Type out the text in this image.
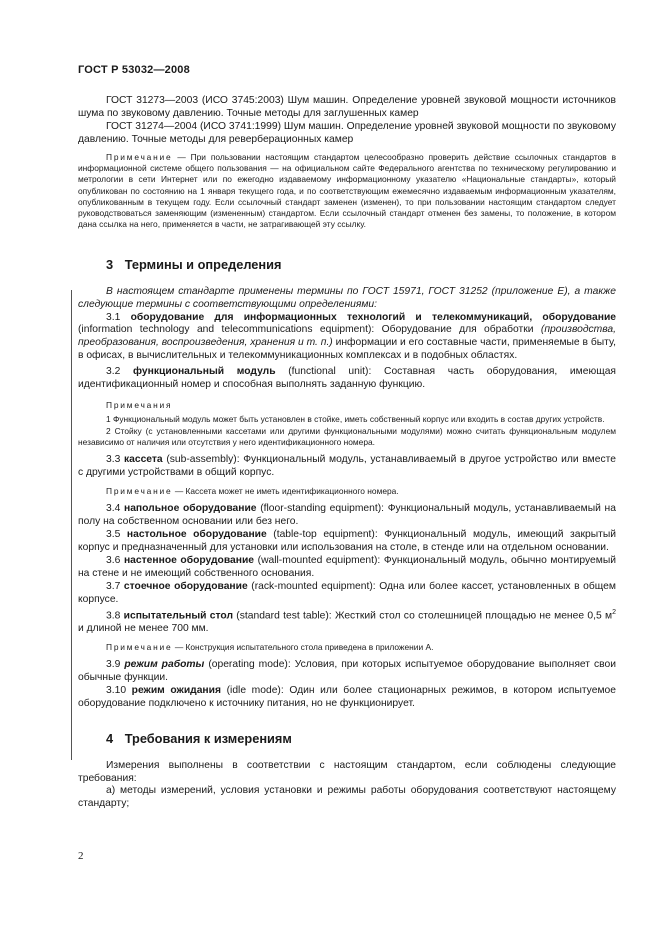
ГОСТ Р 53032—2008

ГОСТ 31273—2003 (ИСО 3745:2003) Шум машин. Определение уровней звуковой мощности источников шума по звуковому давлению. Точные методы для заглушенных камер

ГОСТ 31274—2004 (ИСО 3741:1999) Шум машин. Определение уровней звуковой мощности по звуковому давлению. Точные методы для реверберационных камер

Примечание — При пользовании настоящим стандартом целесообразно проверить действие ссылочных стандартов в информационной системе общего пользования — на официальном сайте Федерального агентства по техническому регулированию и метрологии в сети Интернет или по ежегодно издаваемому информационному указателю «Национальные стандарты», который опубликован по состоянию на 1 января текущего года, и по соответствующим ежемесячно издаваемым информационным указателям, опубликованным в текущем году. Если ссылочный стандарт заменен (изменен), то при пользовании настоящим стандартом следует руководствоваться заменяющим (измененным) стандартом. Если ссылочный стандарт отменен без замены, то положение, в котором дана ссылка на него, применяется в части, не затрагивающей эту ссылку.

3 Термины и определения

В настоящем стандарте применены термины по ГОСТ 15971, ГОСТ 31252 (приложение Е), а также следующие термины с соответствующими определениями:

3.1 оборудование для информационных технологий и телекоммуникаций, оборудование (information technology and telecommunications equipment): Оборудование для обработки (производства, преобразования, воспроизведения, хранения и т. п.) информации и его составные части, применяемые в быту, в офисах, в вычислительных и телекоммуникационных комплексах и в подобных областях.

3.2 функциональный модуль (functional unit): Составная часть оборудования, имеющая идентификационный номер и способная выполнять заданную функцию.

Примечания

1 Функциональный модуль может быть установлен в стойке, иметь собственный корпус или входить в состав других устройств.

2 Стойку (с установленными кассетами или другими функциональными модулями) можно считать функциональным модулем независимо от наличия или отсутствия у него идентификационного номера.

3.3 кассета (sub-assembly): Функциональный модуль, устанавливаемый в другое устройство или вместе с другими устройствами в общий корпус.

Примечание — Кассета может не иметь идентификационного номера.

3.4 напольное оборудование (floor-standing equipment): Функциональный модуль, устанавливаемый на полу на собственном основании или без него.

3.5 настольное оборудование (table-top equipment): Функциональный модуль, имеющий закрытый корпус и предназначенный для установки или использования на столе, в стенде или на отдельном основании.

3.6 настенное оборудование (wall-mounted equipment): Функциональный модуль, обычно монтируемый на стене и не имеющий собственного основания.

3.7 стоечное оборудование (rack-mounted equipment): Одна или более кассет, установленных в общем корпусе.

3.8 испытательный стол (standard test table): Жесткий стол со столешницей площадью не менее 0,5 $м^2$ и длиной не менее 700 мм.

Примечание — Конструкция испытательного стола приведена в приложении А.

3.9 режим работы (operating mode): Условия, при которых испытуемое оборудование выполняет свои обычные функции.

3.10 режим ожидания (idle mode): Один или более стационарных режимов, в котором испытуемое оборудование подключено к источнику питания, но не функционирует.

4 Требования к измерениям

Измерения выполнены в соответствии с настоящим стандартом, если соблюдены следующие требования:

а) методы измерений, условия установки и режимы работы оборудования соответствуют настоящему стандарту;

2
